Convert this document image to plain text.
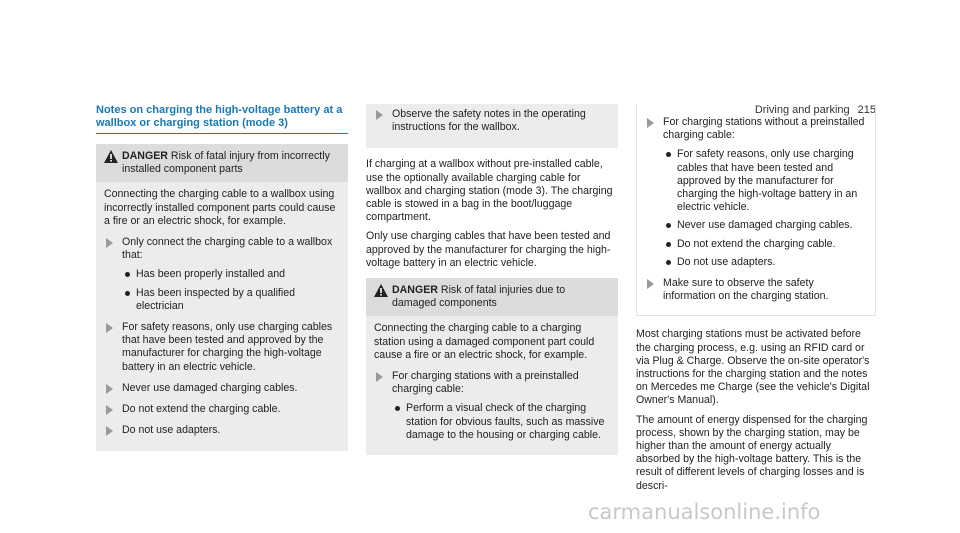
Driving and parking 215
Notes on charging the high-voltage battery at a
wallbox or charging station (mode 3)
DANGER Risk of fatal injury from incorrectly installed component parts

Connecting the charging cable to a wallbox using incorrectly installed component parts could cause a fire or an electric shock, for example.

Only connect the charging cable to a wallbox that:
Has been properly installed and
Has been inspected by a qualified electrician
For safety reasons, only use charging cables that have been tested and approved by the manufacturer for charging the high-voltage battery in an electric vehicle.
Never use damaged charging cables.
Do not extend the charging cable.
Do not use adapters.
Observe the safety notes in the operating instructions for the wallbox.

If charging at a wallbox without pre-installed cable, use the optionally available charging cable for wallbox and charging station (mode 3). The charging cable is stowed in a bag in the boot/luggage compartment.

Only use charging cables that have been tested and approved by the manufacturer for charging the high-voltage battery in an electric vehicle.

DANGER Risk of fatal injuries due to damaged components

Connecting the charging cable to a charging station using a damaged component part could cause a fire or an electric shock, for example.

For charging stations with a preinstalled charging cable:
Perform a visual check of the charging station for obvious faults, such as massive damage to the housing or charging cable.
For charging stations without a preinstalled charging cable:
For safety reasons, only use charging cables that have been tested and approved by the manufacturer for charging the high-voltage battery in an electric vehicle.
Never use damaged charging cables.
Do not extend the charging cable.
Do not use adapters.
Make sure to observe the safety information on the charging station.

Most charging stations must be activated before the charging process, e.g. using an RFID card or via Plug & Charge. Observe the on-site operator's instructions for the charging station and the notes on Mercedes me Charge (see the vehicle's Digital Owner's Manual).

The amount of energy dispensed for the charging process, shown by the charging station, may be higher than the amount of energy actually absorbed by the high-voltage battery. This is the result of different levels of charging losses and is descri-

carmanualsonline.info
